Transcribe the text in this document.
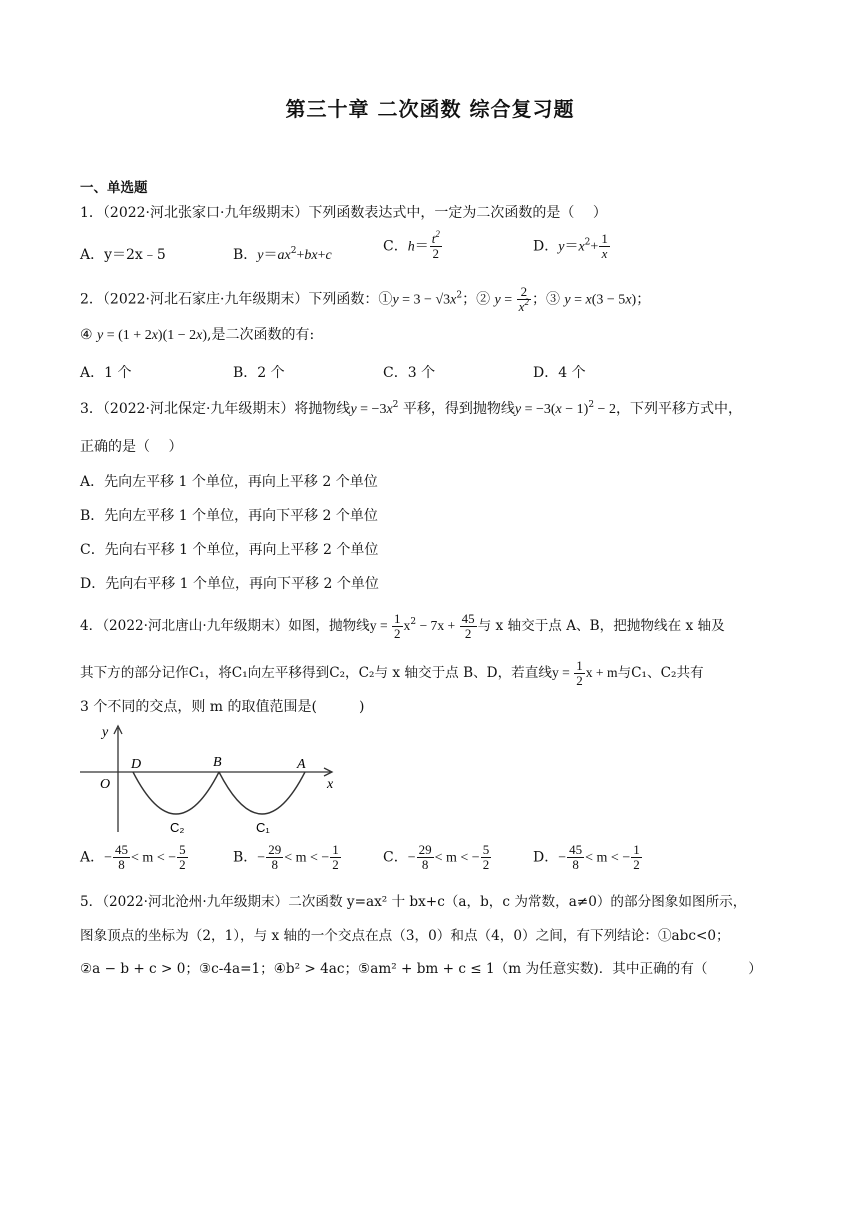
第三十章 二次函数 综合复习题
一、单选题
1．（2022·河北张家口·九年级期末）下列函数表达式中，一定为二次函数的是（　 ）
A．y＝2x﹣5	B．$y=ax^2+bx+c$
C．$h= \frac{t^2}{2}$	D．$y=x^2+ \frac{1}{x}$
2．（2022·河北石家庄·九年级期末）下列函数：①y = $3 - √3x^2$；② $y = \frac{2}{x^2}$ ；③ y = x(3 − 5x)；
④ y = (1 + 2x)(1 − 2x),是二次函数的有:
A．1 个	B．2 个	C．3 个	D．4 个
3．（2022·河北保定·九年级期末）将抛物线$y = -3x^2$ 平移，得到抛物线$y = -3(x - 1)^2 - 2$，下列平移方式中，
正确的是（　 ）
A．先向左平移 1 个单位，再向上平移 2 个单位
B．先向左平移 1 个单位，再向下平移 2 个单位
C．先向右平移 1 个单位，再向上平移 2 个单位
D．先向右平移 1 个单位，再向下平移 2 个单位
4．（2022·河北唐山·九年级期末）如图，抛物线$y = \frac{1}{2} x^2 - 7x + \frac{45}{2}$ 与 x 轴交于点 A、B，把抛物线在 x 轴及
其下方的部分记作C₁，将C₁向左平移得到C₂，C₂与 x 轴交于点 B、D，若直线$y = \frac{1}{2}$ x + m与C₁、C₂共有
3 个不同的交点，则 m 的取值范围是(　　　)
y
x
O
D	B	A
C₂	C₁
A．− $\frac{45}{8} < m$ < − $\frac{5}{2}$	B．− $\frac{29}{8} < m$ < − $\frac{1}{2}$	C．− $\frac{29}{8} < m$ < − $\frac{5}{2}$	D．− $\frac{45}{8} < m$ < − $\frac{1}{2}$
5．（2022·河北沧州·九年级期末）二次函数 y=ax² 十 bx+c（a，b，c 为常数，a≠0）的部分图象如图所示，
图象顶点的坐标为（2，1），与 x 轴的一个交点在点（3，0）和点（4，0）之间，有下列结论：①abc<0；
②a − b + c > 0；③c-4a=1；④b² > 4ac；⑤am² + bm + c ≤ 1（m 为任意实数)．其中正确的有（　　　）
